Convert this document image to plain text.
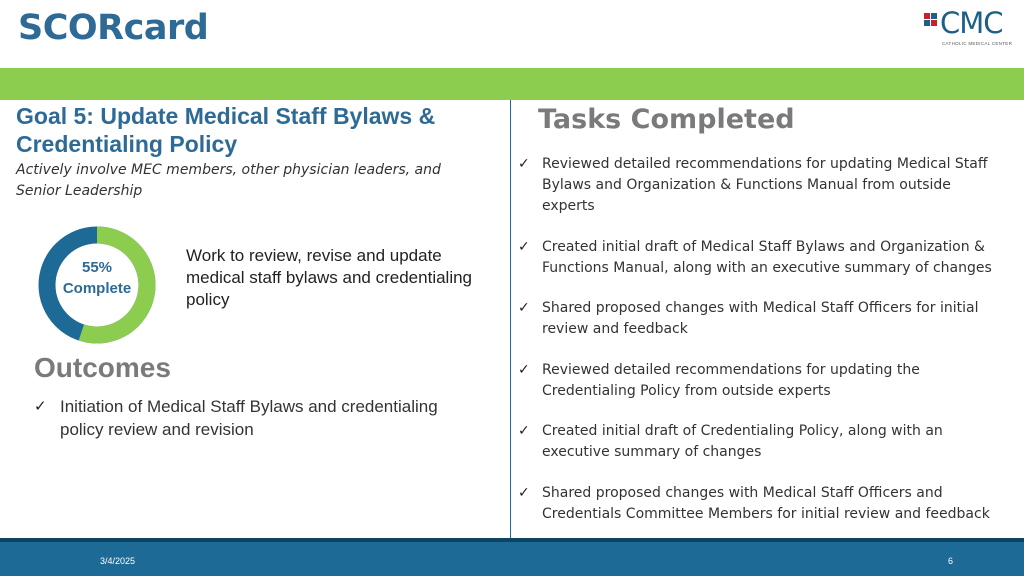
SCORcard	CMC
CATHOLIC MEDICAL CENTER
Goal 5: Update Medical Staff Bylaws & Credentialing Policy
Actively involve MEC members, other physician leaders, and Senior Leadership
55%
Complete
Work to review, revise and update medical staff bylaws and credentialing policy
Outcomes
✓ Initiation of Medical Staff Bylaws and credentialing policy review and revision
Tasks Completed
✓ Reviewed detailed recommendations for updating Medical Staff Bylaws and Organization & Functions Manual from outside experts
✓ Created initial draft of Medical Staff Bylaws and Organization & Functions Manual, along with an executive summary of changes
✓ Shared proposed changes with Medical Staff Officers for initial review and feedback
✓ Reviewed detailed recommendations for updating the Credentialing Policy from outside experts
✓ Created initial draft of Credentialing Policy, along with an executive summary of changes
✓ Shared proposed changes with Medical Staff Officers and Credentials Committee Members for initial review and feedback
3/4/2025	6
